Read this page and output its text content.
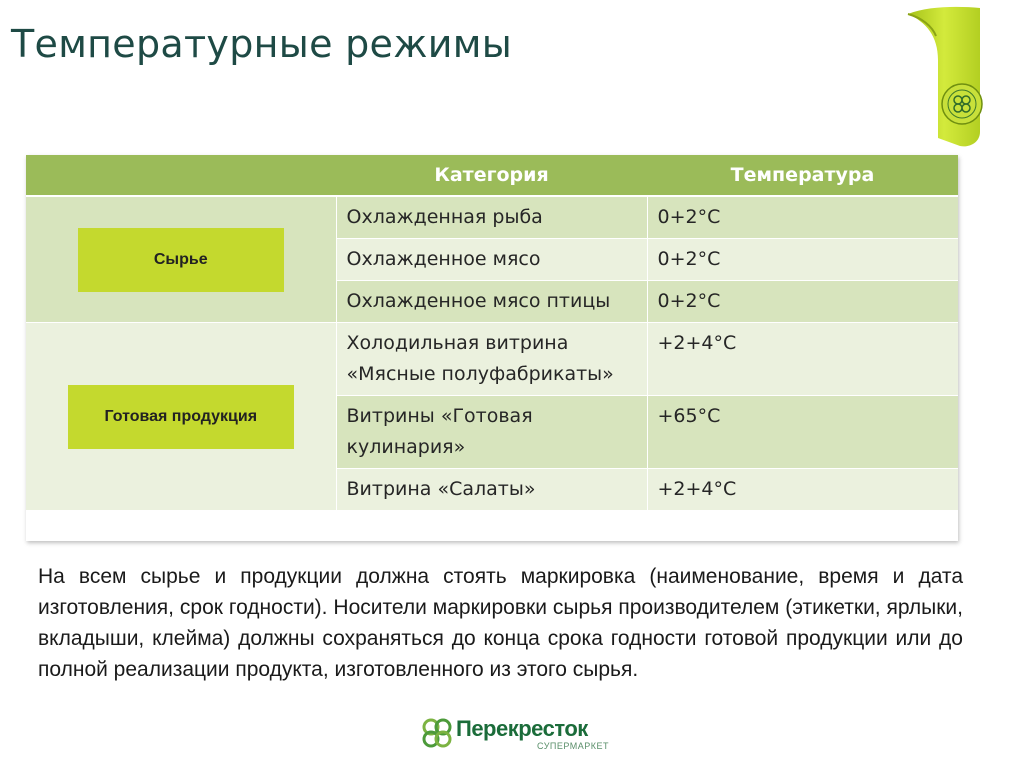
Температурные режимы
	Категория	Температура
Сырье	Охлажденная рыба	0+2°C
	Охлажденное мясо	0+2°C
	Охлажденное мясо птицы	0+2°C
Готовая продукция	Холодильная витрина «Мясные полуфабрикаты»	+2+4°C
	Витрины «Готовая кулинария»	+65°C
	Витрина «Салаты»	+2+4°C
На всем сырье и продукции должна стоять маркировка (наименование, время и дата изготовления, срок годности). Носители маркировки сырья производителем (этикетки, ярлыки, вкладыши, клейма) должны сохраняться до конца срока годности готовой продукции или до полной реализации продукта, изготовленного из этого сырья.
Перекресток
СУПЕРМАРКЕТ
